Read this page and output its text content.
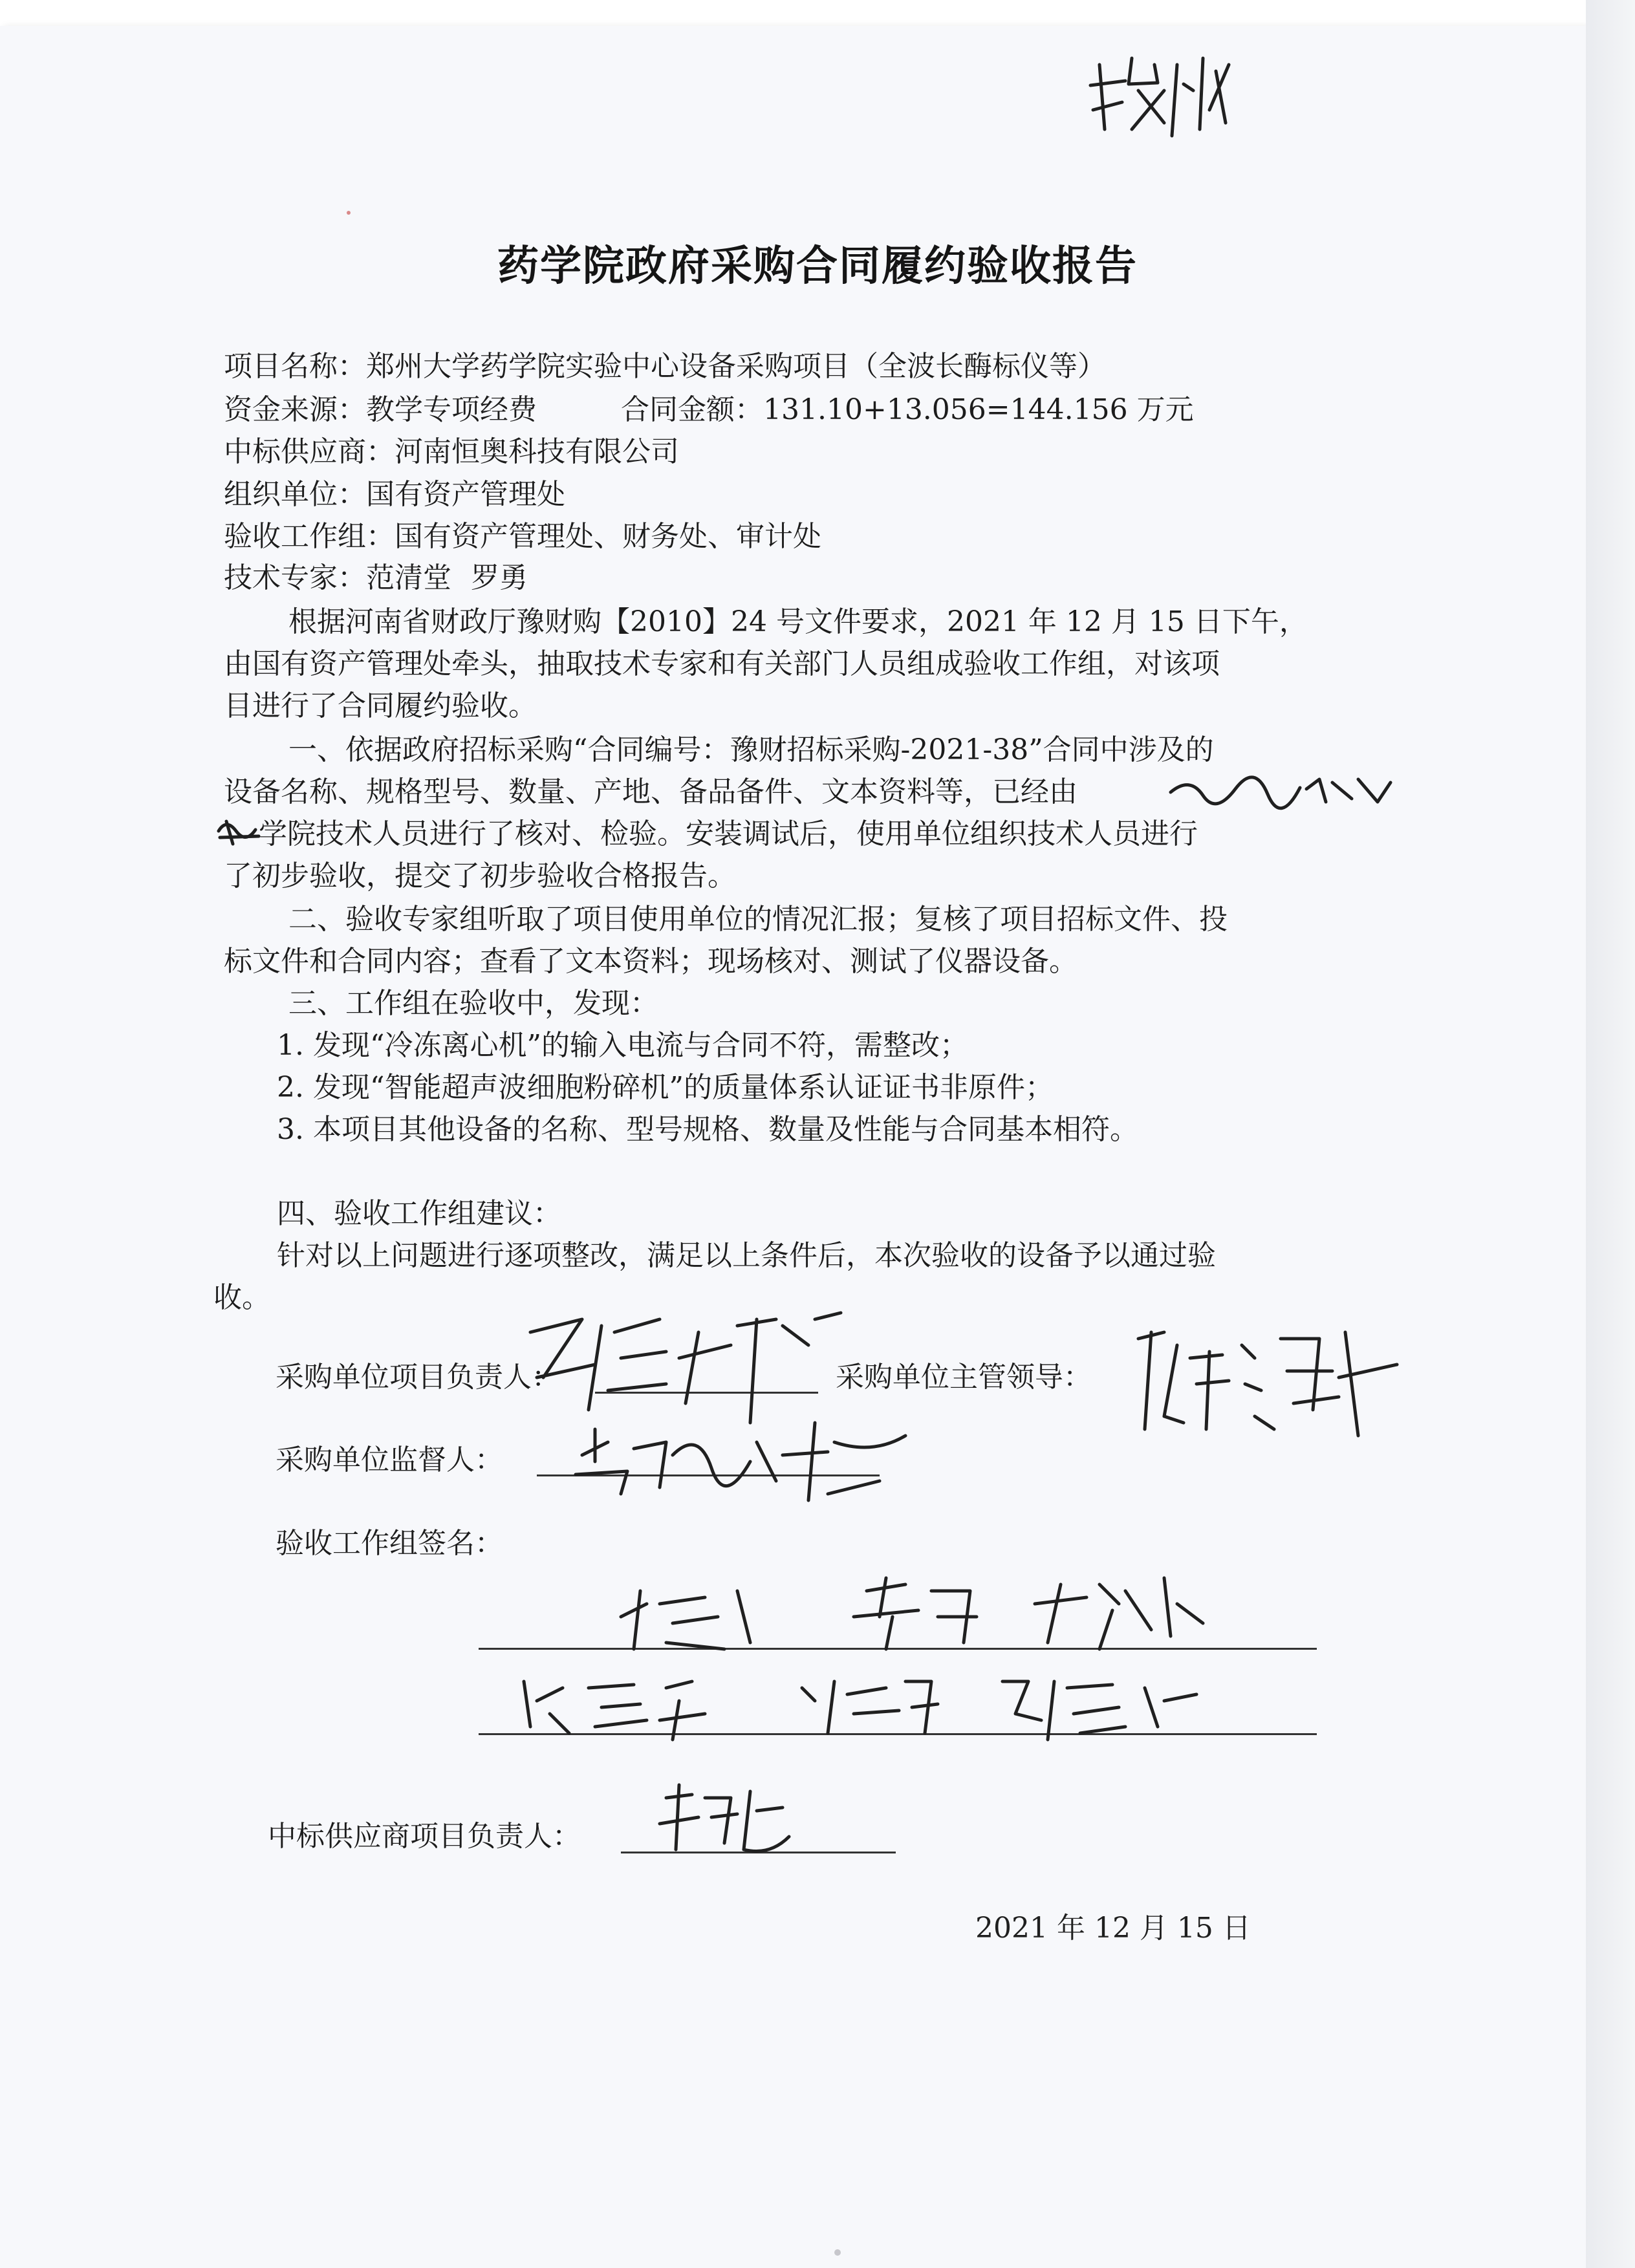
药学院政府采购合同履约验收报告
项目名称：郑州大学药学院实验中心设备采购项目（全波长酶标仪等）
资金来源：教学专项经费	合同金额：131.10+13.056=144.156 万元
中标供应商：河南恒奥科技有限公司
组织单位：国有资产管理处
验收工作组：国有资产管理处、财务处、审计处
技术专家：范清堂 罗勇
根据河南省财政厅豫财购【2010】24 号文件要求，2021 年 12 月 15 日下午，
由国有资产管理处牵头，抽取技术专家和有关部门人员组成验收工作组，对该项
目进行了合同履约验收。
一、依据政府招标采购“合同编号：豫财招标采购-2021-38”合同中涉及的
设备名称、规格型号、数量、产地、备品备件、文本资料等，已经由
学院技术人员进行了核对、检验。安装调试后，使用单位组织技术人员进行
了初步验收，提交了初步验收合格报告。
二、验收专家组听取了项目使用单位的情况汇报；复核了项目招标文件、投
标文件和合同内容；查看了文本资料；现场核对、测试了仪器设备。
三、工作组在验收中，发现：
1. 发现“冷冻离心机”的输入电流与合同不符，需整改；
2. 发现“智能超声波细胞粉碎机”的质量体系认证证书非原件；
3. 本项目其他设备的名称、型号规格、数量及性能与合同基本相符。
四、验收工作组建议：
针对以上问题进行逐项整改，满足以上条件后，本次验收的设备予以通过验
收。
采购单位项目负责人：	采购单位主管领导：
采购单位监督人：
验收工作组签名：
中标供应商项目负责人：
2021 年 12 月 15 日
